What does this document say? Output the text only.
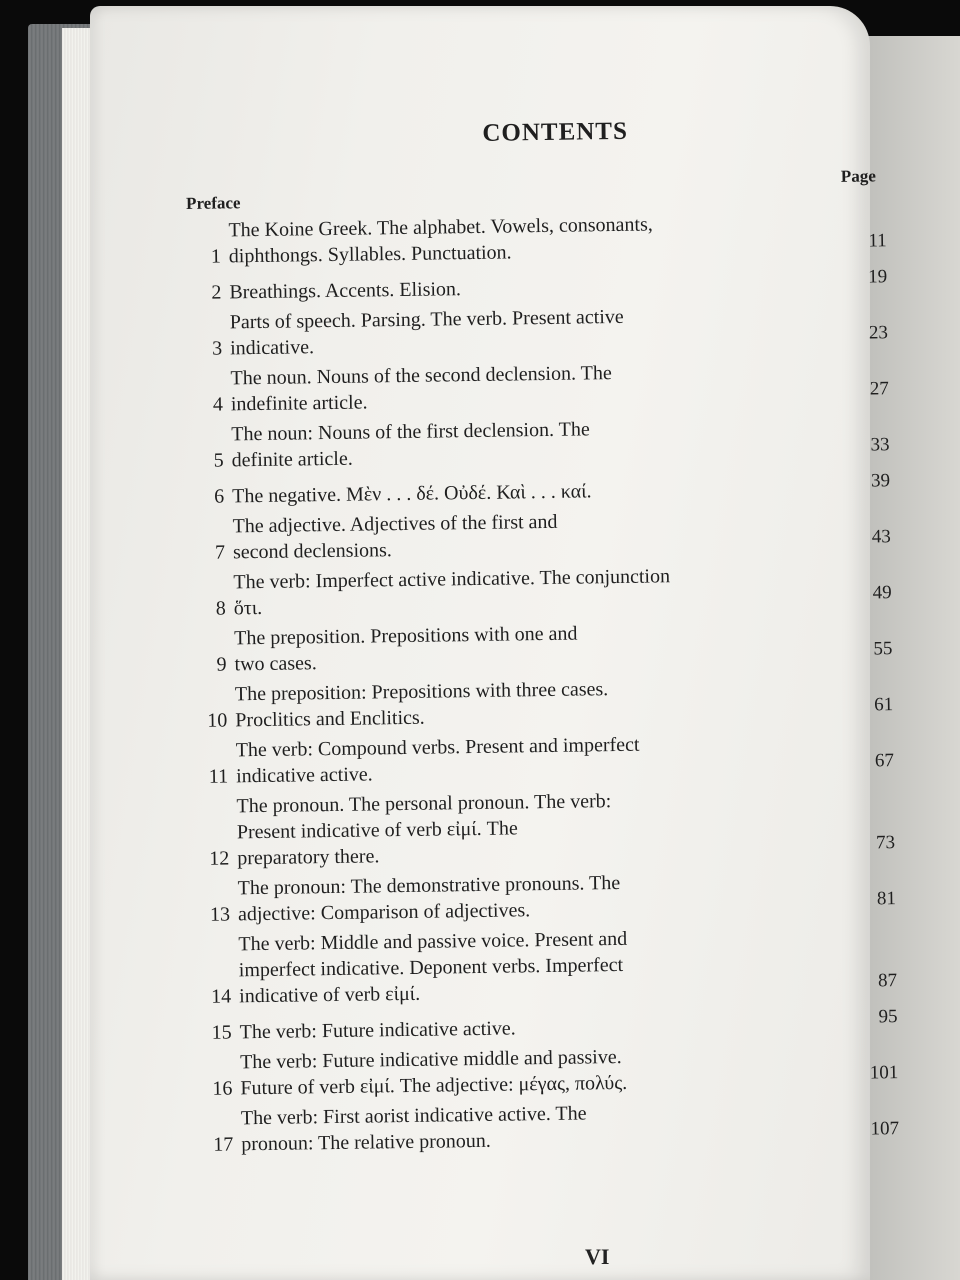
CONTENTS
Preface
Page
1
The Koine Greek. The alphabet. Vowels, consonants,
diphthongs. Syllables. Punctuation.
11
2 Breathings. Accents. Elision.
19
3
Parts of speech. Parsing. The verb. Present active
indicative.
23
4
The noun. Nouns of the second declension. The
indefinite article.
27
5
The noun: Nouns of the first declension. The
definite article.
33
6 The negative. Μὲν . . . δέ. Οὐδέ. Καὶ . . . καί.	39
7
The adjective. Adjectives of the first and
second declensions.
43
8
The verb: Imperfect active indicative. The conjunction
ὅτι.
49
9
The preposition. Prepositions with one and
two cases.
55
10
The preposition: Prepositions with three cases.
Proclitics and Enclitics.
61
11
The verb: Compound verbs. Present and imperfect
indicative active.
67
12
The pronoun. The personal pronoun. The verb:
Present indicative of verb εἰμί. The
preparatory there.
73
13
The pronoun: The demonstrative pronouns. The
adjective: Comparison of adjectives.
81
14
The verb: Middle and passive voice. Present and
imperfect indicative. Deponent verbs. Imperfect
indicative of verb εἰμί.
87
15 The verb: Future indicative active.
95
16
The verb: Future indicative middle and passive.
Future of verb εἰμί. The adjective: μέγας, πολύς.	101
17
The verb: First aorist indicative active. The
pronoun: The relative pronoun.
107
VI
